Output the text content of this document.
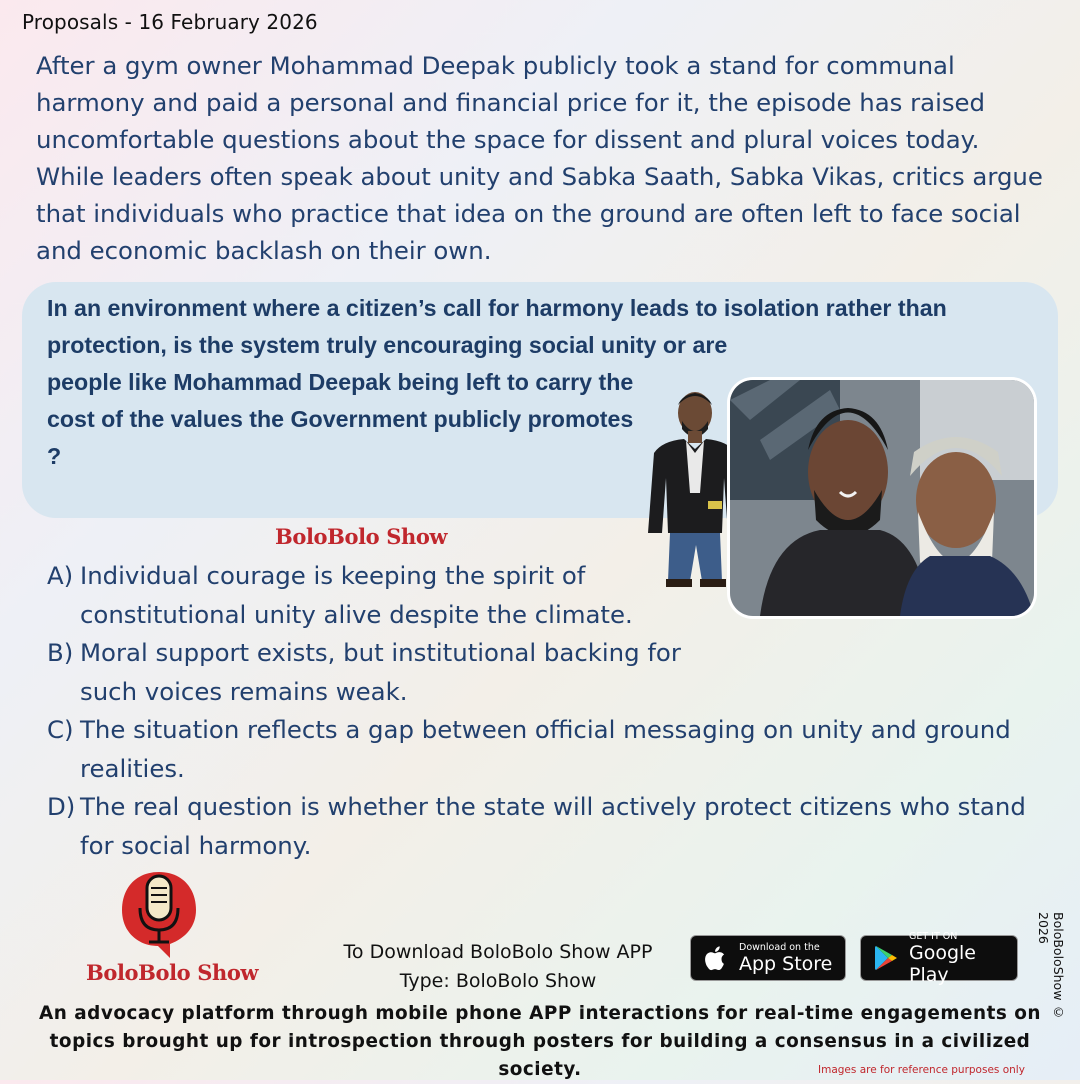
Proposals - 16 February 2026
After a gym owner Mohammad Deepak publicly took a stand for communal harmony and paid a personal and financial price for it, the episode has raised uncomfortable questions about the space for dissent and plural voices today. While leaders often speak about unity and Sabka Saath, Sabka Vikas, critics argue that individuals who practice that idea on the ground are often left to face social and economic backlash on their own.
In an environment where a citizen’s call for harmony leads to isolation rather than protection, is the system truly encouraging social unity or are
people like Mohammad Deepak being left to carry the cost of the values the Government publicly promotes ?
BoloBolo Show
A) Individual courage is keeping the spirit of constitutional unity alive despite the climate.
B) Moral support exists, but institutional backing for such voices remains weak.
C) The situation reflects a gap between official messaging on unity and ground realities.
D) The real question is whether the state will actively protect citizens who stand for social harmony.
BoloBolo Show
To Download BoloBolo Show APP
Type: BoloBolo Show
Download on the
App Store
GET IT ON
Google Play
An advocacy platform through mobile phone APP interactions for real-time engagements on topics brought up for introspection through posters for building a consensus in a civilized society.
BoloBoloShow © 2026
Images are for reference purposes only
